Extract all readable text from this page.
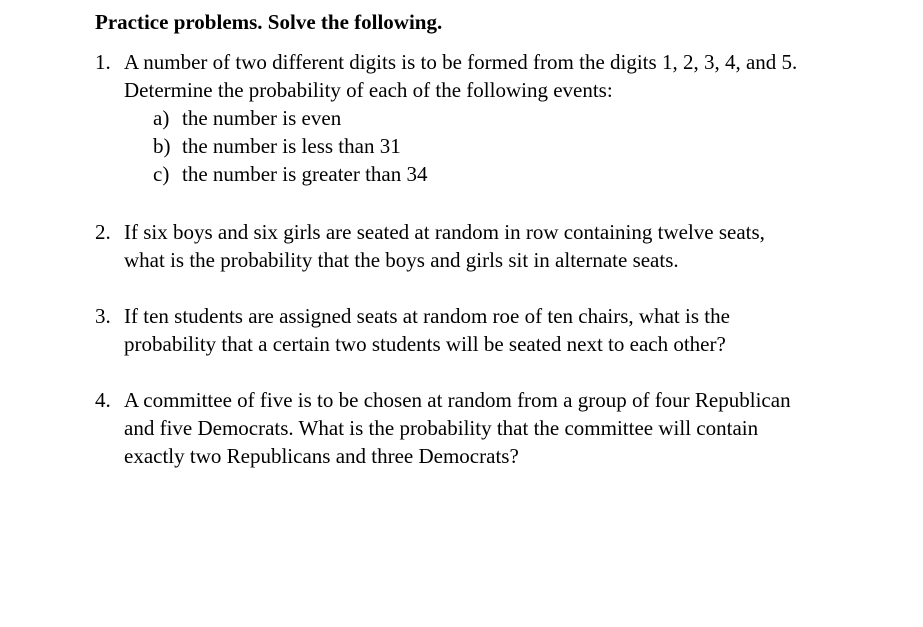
Practice problems. Solve the following.
1. A number of two different digits is to be formed from the digits 1, 2, 3, 4, and 5.
Determine the probability of each of the following events:
a) the number is even
b) the number is less than 31
c) the number is greater than 34
2. If six boys and six girls are seated at random in row containing twelve seats,
what is the probability that the boys and girls sit in alternate seats.
3. If ten students are assigned seats at random roe of ten chairs, what is the
probability that a certain two students will be seated next to each other?
4. A committee of five is to be chosen at random from a group of four Republican
and five Democrats. What is the probability that the committee will contain
exactly two Republicans and three Democrats?
